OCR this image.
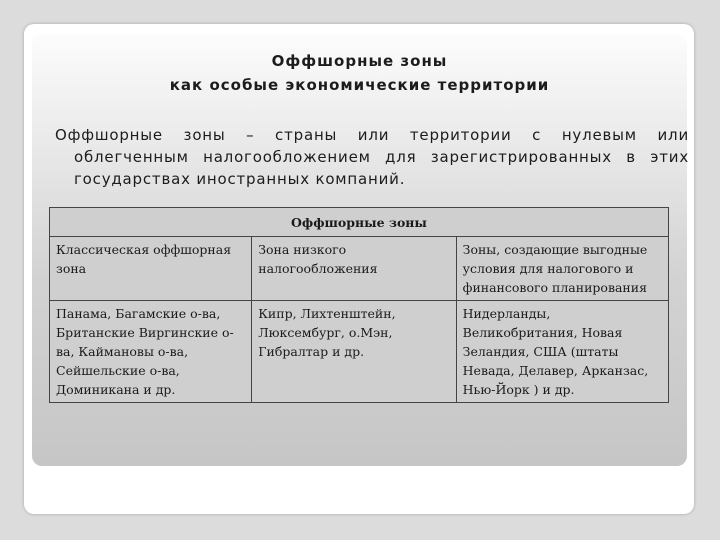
Оффшорные зоны
как особые экономические территории
Оффшорные зоны – страны или территории с нулевым или облегченным налогообложением для зарегистрированных в этих государствах иностранных компаний.
Оффшорные зоны		
Классическая оффшорная зона	Зона низкого налогообложения	Зоны, создающие выгодные условия для налогового и финансового планирования
Панама, Багамские о-ва, Британские Виргинские о-ва, Каймановы о-ва, Сейшельские о-ва, Доминикана и др.	Кипр, Лихтенштейн, Люксембург, о.Мэн, Гибралтар и др.	Нидерланды, Великобритания, Новая Зеландия, США (штаты Невада, Делавер, Арканзас, Нью-Йорк ) и др.
